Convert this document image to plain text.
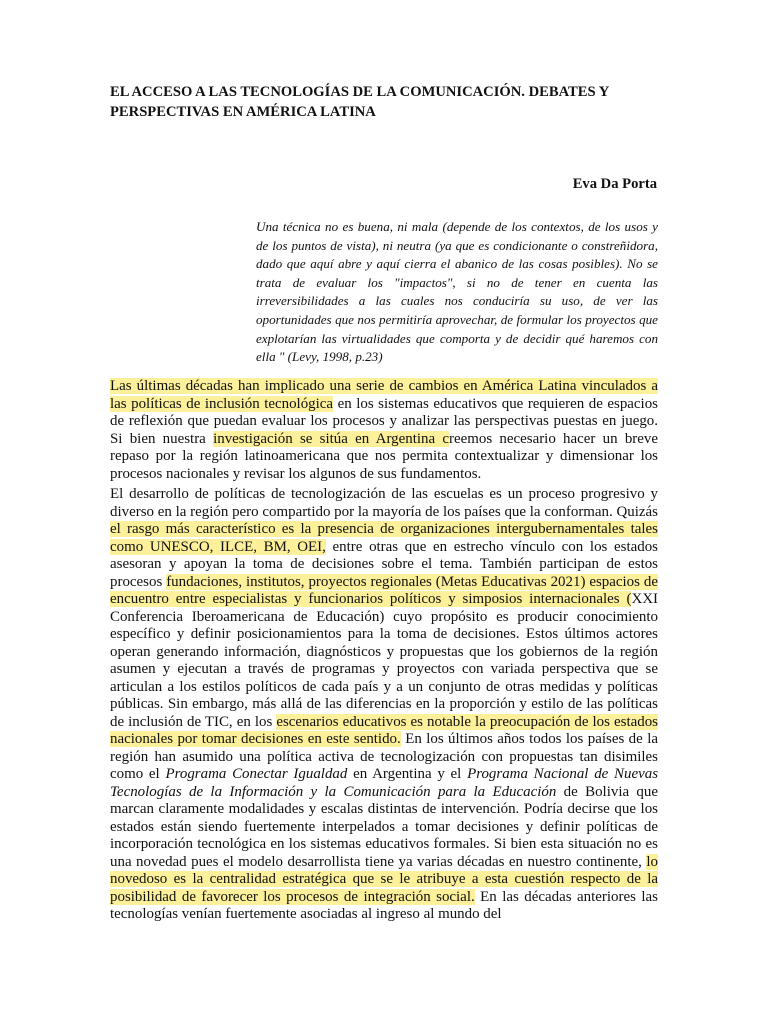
EL ACCESO A LAS TECNOLOGÍAS DE LA COMUNICACIÓN. DEBATES Y PERSPECTIVAS EN AMÉRICA LATINA

Eva Da Porta

Una técnica no es buena, ni mala (depende de los contextos, de los usos y de los puntos de vista), ni neutra (ya que es condicionante o constreñidora, dado que aquí abre y aquí cierra el abanico de las cosas posibles). No se trata de evaluar los "impactos", si no de tener en cuenta las irreversibilidades a las cuales nos conduciría su uso, de ver las oportunidades que nos permitiría aprovechar, de formular los proyectos que explotarían las virtualidades que comporta y de decidir qué haremos con ella " (Levy, 1998, p.23)

Las últimas décadas han implicado una serie de cambios en América Latina vinculados a las políticas de inclusión tecnológica en los sistemas educativos que requieren de espacios de reflexión que puedan evaluar los procesos y analizar las perspectivas puestas en juego. Si bien nuestra investigación se sitúa en Argentina creemos necesario hacer un breve repaso por la región latinoamericana que nos permita contextualizar y dimensionar los procesos nacionales y revisar los algunos de sus fundamentos.

El desarrollo de políticas de tecnologización de las escuelas es un proceso progresivo y diverso en la región pero compartido por la mayoría de los países que la conforman. Quizás el rasgo más característico es la presencia de organizaciones intergubernamentales tales como UNESCO, ILCE, BM, OEI, entre otras que en estrecho vínculo con los estados asesoran y apoyan la toma de decisiones sobre el tema. También participan de estos procesos fundaciones, institutos, proyectos regionales (Metas Educativas 2021) espacios de encuentro entre especialistas y funcionarios políticos y simposios internacionales (XXI Conferencia Iberoamericana de Educación) cuyo propósito es producir conocimiento específico y definir posicionamientos para la toma de decisiones. Estos últimos actores operan generando información, diagnósticos y propuestas que los gobiernos de la región asumen y ejecutan a través de programas y proyectos con variada perspectiva que se articulan a los estilos políticos de cada país y a un conjunto de otras medidas y políticas públicas. Sin embargo, más allá de las diferencias en la proporción y estilo de las políticas de inclusión de TIC, en los escenarios educativos es notable la preocupación de los estados nacionales por tomar decisiones en este sentido. En los últimos años todos los países de la región han asumido una política activa de tecnologización con propuestas tan disimiles como el Programa Conectar Igualdad en Argentina y el Programa Nacional de Nuevas Tecnologías de la Información y la Comunicación para la Educación de Bolivia que marcan claramente modalidades y escalas distintas de intervención. Podría decirse que los estados están siendo fuertemente interpelados a tomar decisiones y definir políticas de incorporación tecnológica en los sistemas educativos formales. Si bien esta situación no es una novedad pues el modelo desarrollista tiene ya varias décadas en nuestro continente, lo novedoso es la centralidad estratégica que se le atribuye a esta cuestión respecto de la posibilidad de favorecer los procesos de integración social. En las décadas anteriores las tecnologías venían fuertemente asociadas al ingreso al mundo del
